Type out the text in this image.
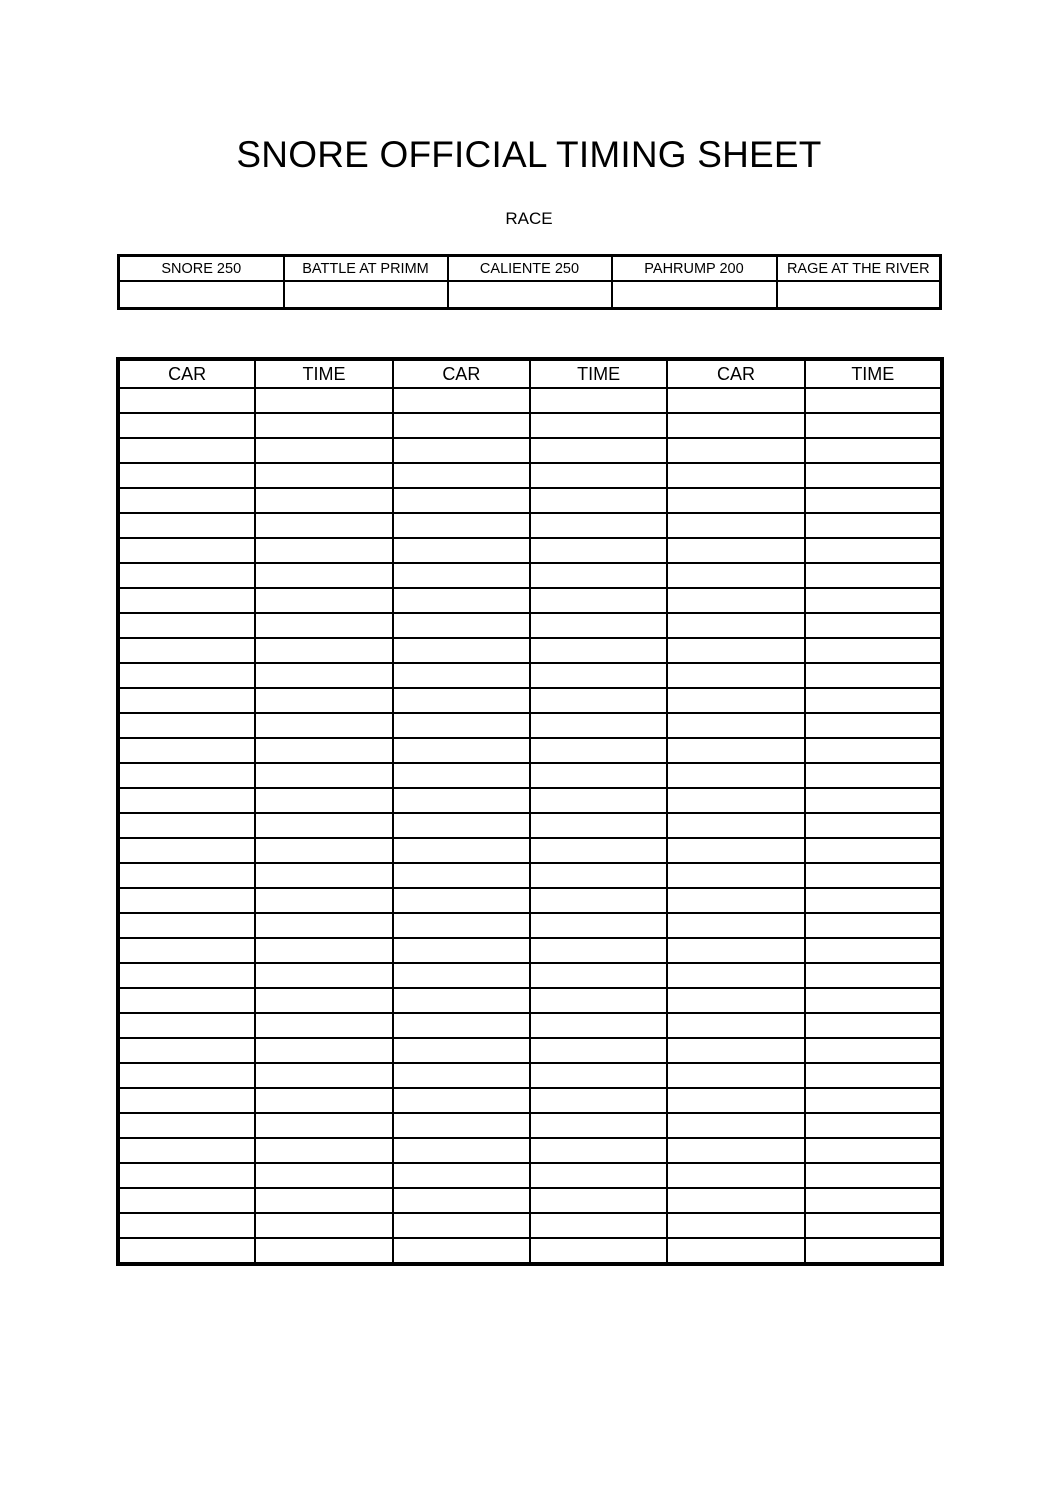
SNORE OFFICIAL TIMING SHEET
RACE
SNORE 250	BATTLE AT PRIMM	CALIENTE 250	PAHRUMP 200	RAGE AT THE RIVER

CAR	TIME	CAR	TIME	CAR	TIME
